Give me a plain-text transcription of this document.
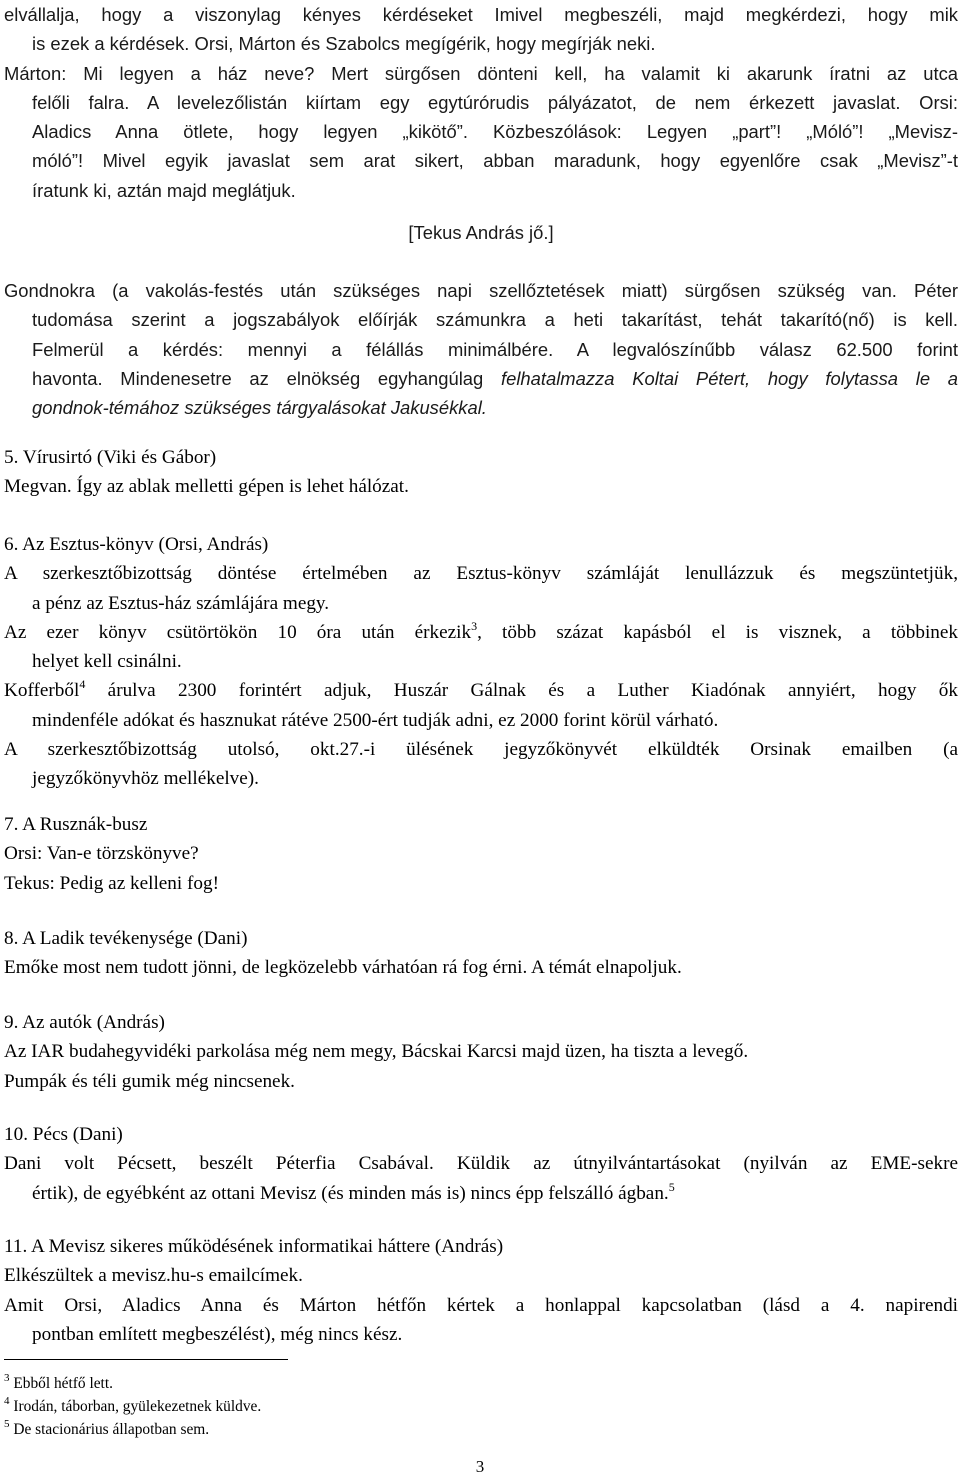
elvállalja, hogy a viszonylag kényes kérdéseket Imivel megbeszéli, majd megkérdezi, hogy mik
is ezek a kérdések. Orsi, Márton és Szabolcs megígérik, hogy megírják neki.
Márton: Mi legyen a ház neve? Mert sürgősen dönteni kell, ha valamit ki akarunk íratni az utca
felőli falra. A levelezőlistán kiírtam egy egytúrórudis pályázatot, de nem érkezett javaslat. Orsi:
Aladics Anna ötlete, hogy legyen „kikötő”. Közbeszólások: Legyen „part”! „Móló”! „Mevisz-
móló”! Mivel egyik javaslat sem arat sikert, abban maradunk, hogy egyenlőre csak „Mevisz”-t
íratunk ki, aztán majd meglátjuk.
[Tekus András jő.]
Gondnokra (a vakolás-festés után szükséges napi szellőztetések miatt) sürgősen szükség van. Péter
tudomása szerint a jogszabályok előírják számunkra a heti takarítást, tehát takarító(nő) is kell.
Felmerül a kérdés: mennyi a félállás minimálbére. A legvalószínűbb válasz 62.500 forint
havonta. Mindenesetre az elnökség egyhangúlag felhatalmazza Koltai Pétert, hogy folytassa le a
gondnok-témához szükséges tárgyalásokat Jakusékkal.
5. Vírusirtó (Viki és Gábor)
Megvan. Így az ablak melletti gépen is lehet hálózat.
6. Az Esztus-könyv (Orsi, András)
A szerkesztőbizottság döntése értelmében az Esztus-könyv számláját lenullázzuk és megszüntetjük,
a pénz az Esztus-ház számlájára megy.
Az ezer könyv csütörtökön 10 óra után érkezik$^3$, több százat kapásból el is visznek, a többinek
helyet kell csinálni.
Kofferből$^4$ árulva 2300 forintért adjuk, Huszár Gálnak és a Luther Kiadónak annyiért, hogy ők
mindenféle adókat és hasznukat rátéve 2500-ért tudják adni, ez 2000 forint körül várható.
A szerkesztőbizottság utolsó, okt.27.-i ülésének jegyzőkönyvét elküldték Orsinak emailben (a
jegyzőkönyvhöz mellékelve).
7. A Rusznák-busz
Orsi: Van-e törzskönyve?
Tekus: Pedig az kelleni fog!
8. A Ladik tevékenysége (Dani)
Emőke most nem tudott jönni, de legközelebb várhatóan rá fog érni. A témát elnapoljuk.
9. Az autók (András)
Az IAR budahegyvidéki parkolása még nem megy, Bácskai Karcsi majd üzen, ha tiszta a levegő.
Pumpák és téli gumik még nincsenek.
10. Pécs (Dani)
Dani volt Pécsett, beszélt Péterfia Csabával. Küldik az útnyilvántartásokat (nyilván az EME-sekre
értik), de egyébként az ottani Mevisz (és minden más is) nincs épp felszálló ágban.$^5$
11. A Mevisz sikeres működésének informatikai háttere (András)
Elkészültek a mevisz.hu-s emailcímek.
Amit Orsi, Aladics Anna és Márton hétfőn kértek a honlappal kapcsolatban (lásd a 4. napirendi
pontban említett megbeszélést), még nincs kész.
$^3$ Ebből hétfő lett.
$^4$ Irodán, táborban, gyülekezetnek küldve.
$^5$ De stacionárius állapotban sem.
3
